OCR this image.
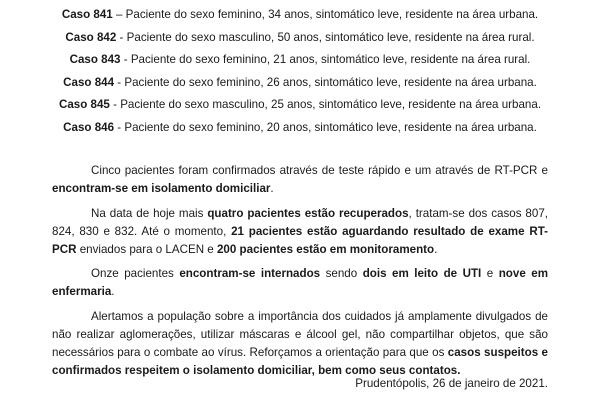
Caso 841 – Paciente do sexo feminino, 34 anos, sintomático leve, residente na área urbana.

Caso 842 - Paciente do sexo masculino, 50 anos, sintomático leve, residente na área rural.

Caso 843 - Paciente do sexo feminino, 21 anos, sintomático leve, residente na área rural.

Caso 844 - Paciente do sexo feminino, 26 anos, sintomático leve, residente na área urbana.

Caso 845 - Paciente do sexo masculino, 25 anos, sintomático leve, residente na área urbana.

Caso 846 - Paciente do sexo feminino, 20 anos, sintomático leve, residente na área urbana.

Cinco pacientes foram confirmados através de teste rápido e um através de RT-PCR e encontram-se em isolamento domiciliar.

Na data de hoje mais quatro pacientes estão recuperados, tratam-se dos casos 807, 824, 830 e 832. Até o momento, 21 pacientes estão aguardando resultado de exame RT-PCR enviados para o LACEN e 200 pacientes estão em monitoramento.

Onze pacientes encontram-se internados sendo dois em leito de UTI e nove em enfermaria.

Alertamos a população sobre a importância dos cuidados já amplamente divulgados de não realizar aglomerações, utilizar máscaras e álcool gel, não compartilhar objetos, que são necessários para o combate ao vírus. Reforçamos a orientação para que os casos suspeitos e confirmados respeitem o isolamento domiciliar, bem como seus contatos.

Prudentópolis, 26 de janeiro de 2021.
